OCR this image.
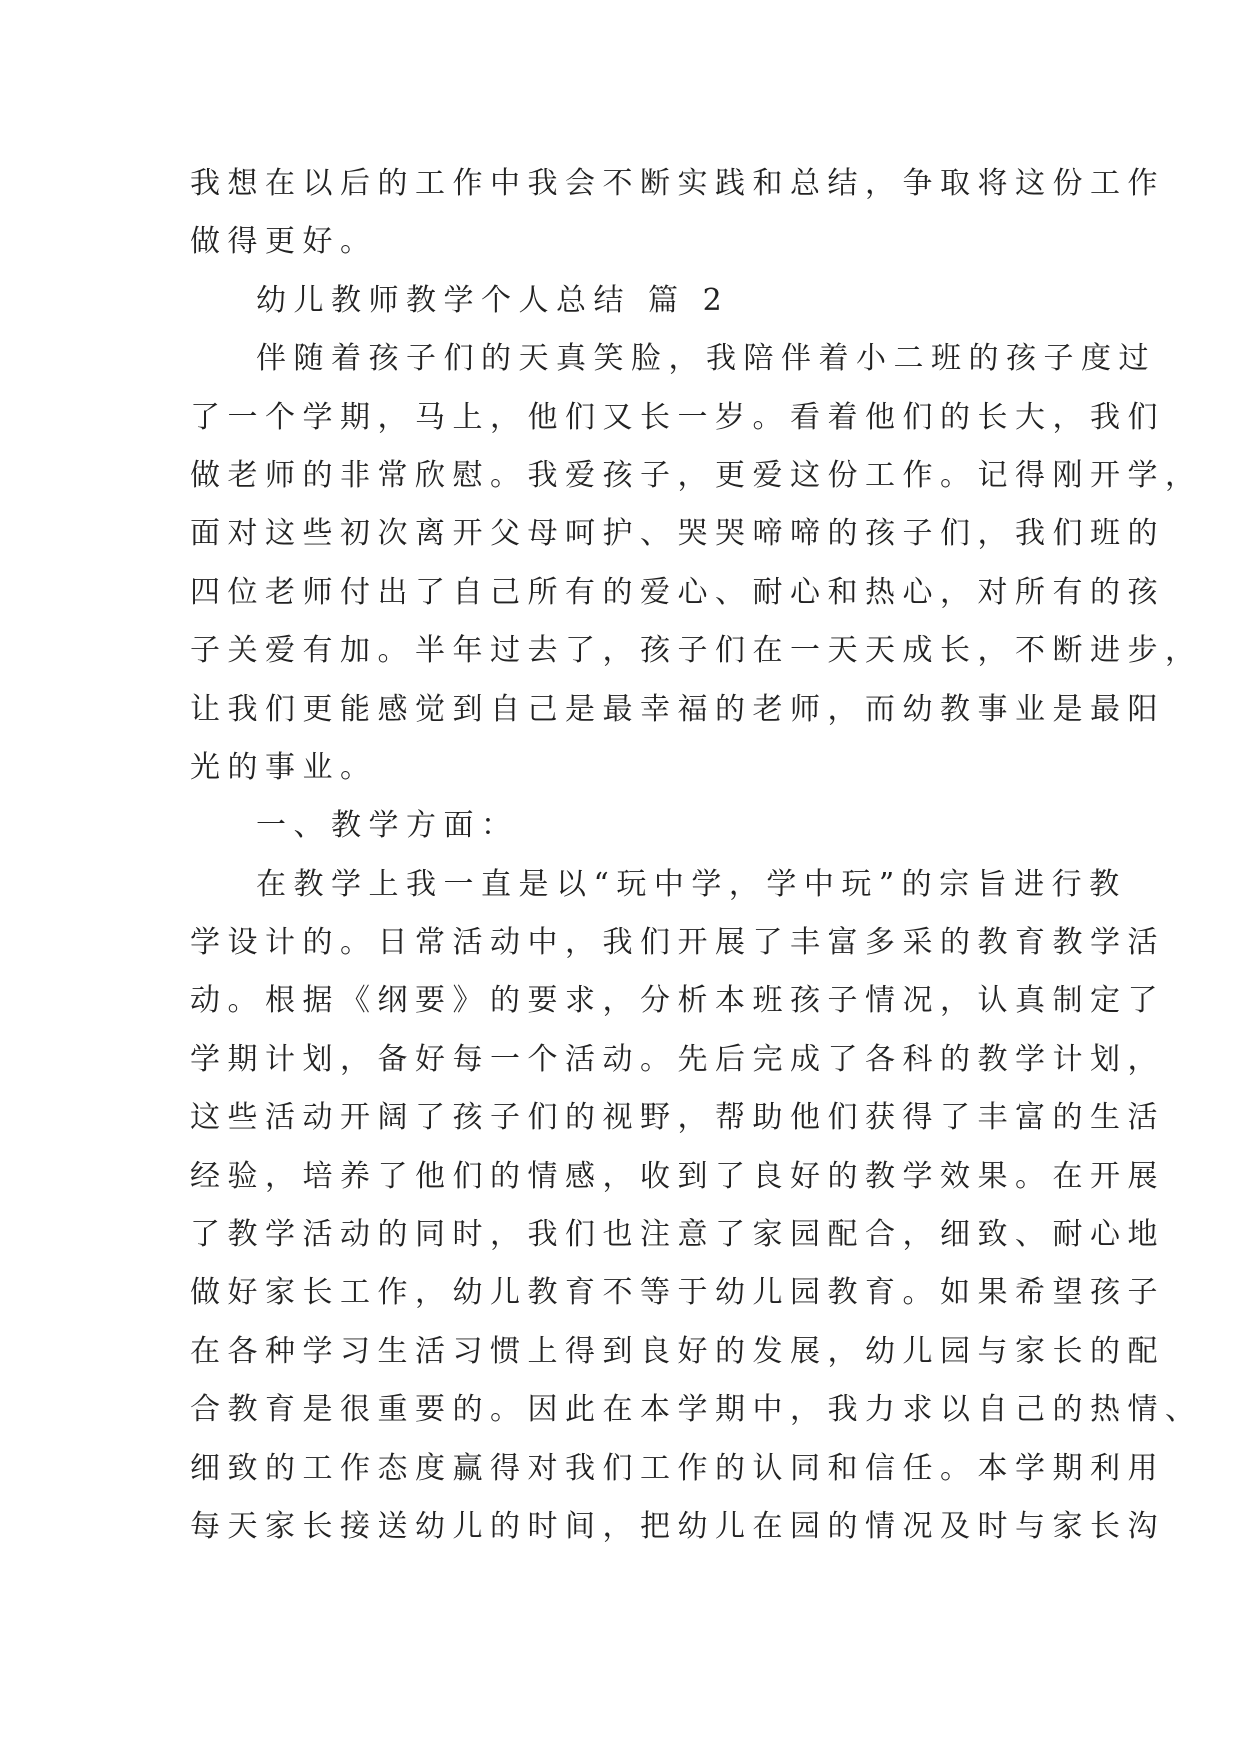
我想在以后的工作中我会不断实践和总结，争取将这份工作
做得更好。
幼儿教师教学个人总结 篇 2
伴随着孩子们的天真笑脸，我陪伴着小二班的孩子度过
了一个学期，马上，他们又长一岁。看着他们的长大，我们
做老师的非常欣慰。我爱孩子，更爱这份工作。记得刚开学，
面对这些初次离开父母呵护、哭哭啼啼的孩子们，我们班的
四位老师付出了自己所有的爱心、耐心和热心，对所有的孩
子关爱有加。半年过去了，孩子们在一天天成长，不断进步，
让我们更能感觉到自己是最幸福的老师，而幼教事业是最阳
光的事业。
一、教学方面：
在教学上我一直是以“玩中学，学中玩”的宗旨进行教
学设计的。日常活动中，我们开展了丰富多采的教育教学活
动。根据《纲要》的要求，分析本班孩子情况，认真制定了
学期计划，备好每一个活动。先后完成了各科的教学计划，
这些活动开阔了孩子们的视野，帮助他们获得了丰富的生活
经验，培养了他们的情感，收到了良好的教学效果。在开展
了教学活动的同时，我们也注意了家园配合，细致、耐心地
做好家长工作，幼儿教育不等于幼儿园教育。如果希望孩子
在各种学习生活习惯上得到良好的发展，幼儿园与家长的配
合教育是很重要的。因此在本学期中，我力求以自己的热情、
细致的工作态度赢得对我们工作的认同和信任。本学期利用
每天家长接送幼儿的时间，把幼儿在园的情况及时与家长沟
